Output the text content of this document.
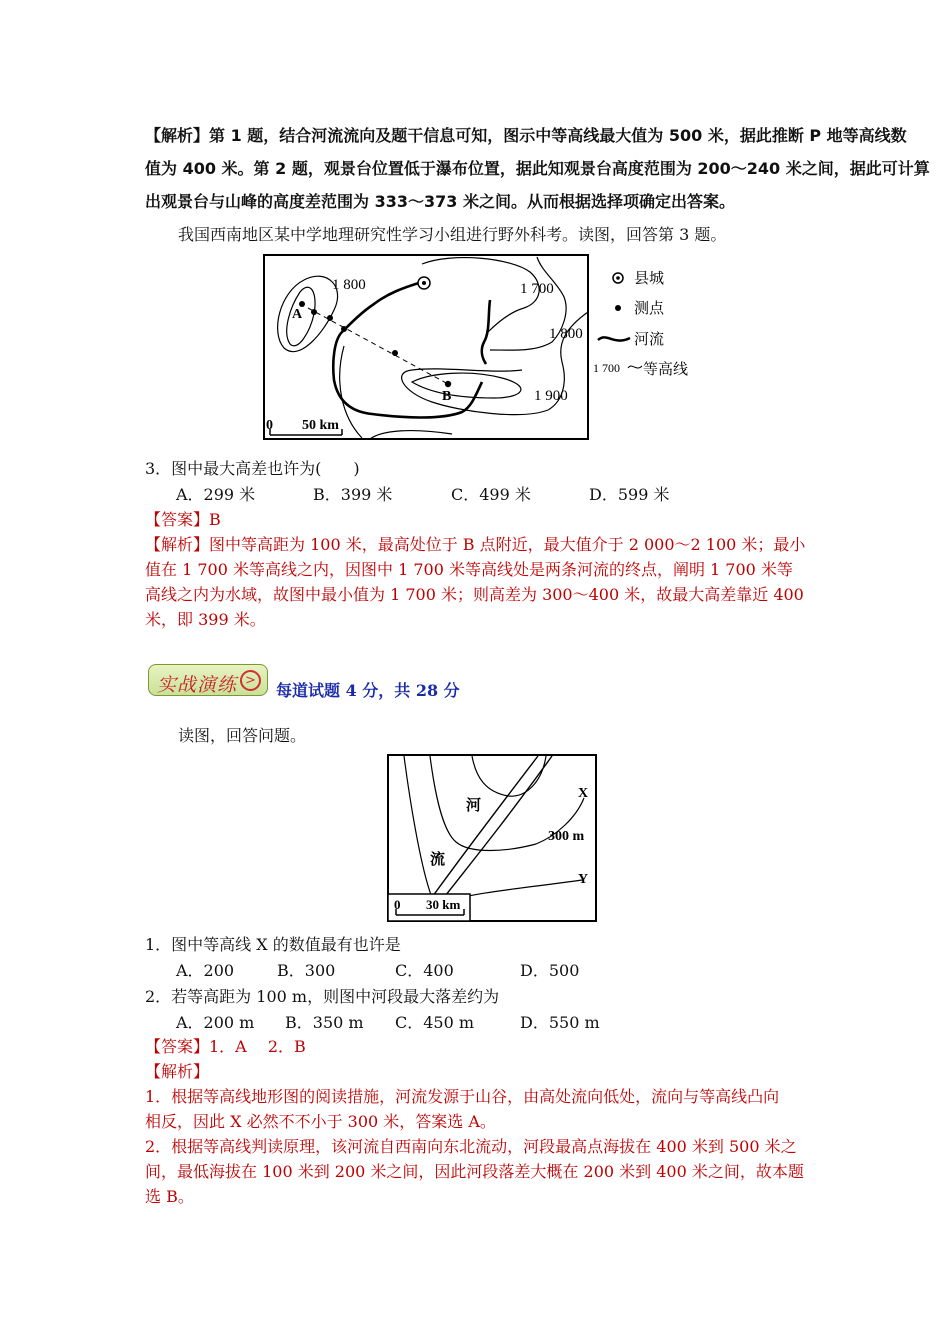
【解析】第 1 题，结合河流流向及题干信息可知，图示中等高线最大值为 500 米，据此推断 P 地等高线数
值为 400 米。第 2 题，观景台位置低于瀑布位置，据此知观景台高度范围为 200～240 米之间，据此可计算
出观景台与山峰的高度差范围为 333～373 米之间。从而根据选择项确定出答案。
我国西南地区某中学地理研究性学习小组进行野外科考。读图，回答第 3 题。
1 800	1 700
1 800
1 900
A
B
0 50 km
县城
测点
河流
1 700 等高线
3．图中最大高差也许为(　　)
A．299 米	B．399 米	C．499 米	D．599 米
【答案】B
【解析】图中等高距为 100 米，最高处位于 B 点附近，最大值介于 2 000～2 100 米；最小
值在 1 700 米等高线之内，因图中 1 700 米等高线处是两条河流的终点，阐明 1 700 米等
高线之内为水域，故图中最小值为 1 700 米；则高差为 300～400 米，故最大高差靠近 400
米，即 399 米。
实战演练 >
每道试题 4 分，共 28 分
读图，回答问题。
河
流
X
300 m
Y
0 30 km
1．图中等高线 X 的数值最有也许是
A．200	B．300	C．400	D．500
2．若等高距为 100 m，则图中河段最大落差约为
A．200 m B．350 m C．450 m	D．550 m
【答案】1．A　 2．B
【解析】
1．根据等高线地形图的阅读措施，河流发源于山谷，由高处流向低处，流向与等高线凸向
相反，因此 X 必然不不小于 300 米，答案选 A。
2．根据等高线判读原理，该河流自西南向东北流动，河段最高点海拔在 400 米到 500 米之
间，最低海拔在 100 米到 200 米之间，因此河段落差大概在 200 米到 400 米之间，故本题
选 B。
